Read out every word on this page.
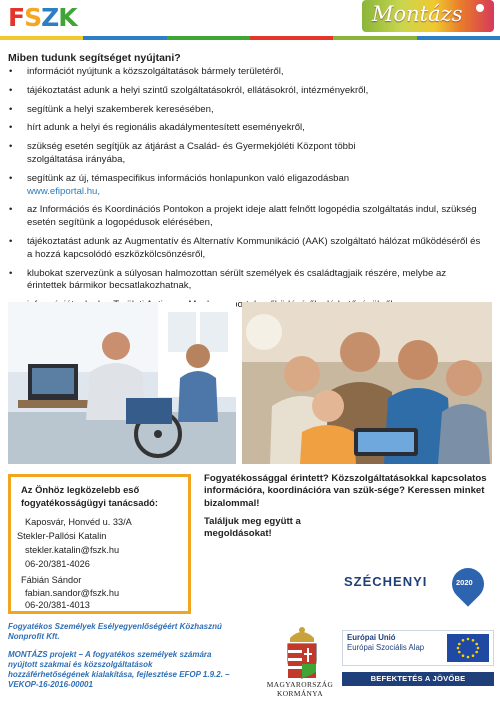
F S Z K	Montázs
Miben tudunk segítséget nyújtani?
• információt nyújtunk a közszolgáltatások bármely területéről,
• tájékoztatást adunk a helyi szintű szolgáltatásokról, ellátásokról, intézményekről,
• segítünk a helyi szakemberek keresésében,
• hírt adunk a helyi és regionális akadálymentesített eseményekről,
• szükség esetén segítjük az átjárást a Család- és Gyermekjóléti Központ többi szolgáltatása irányába,
• segítünk az új, témaspecifikus információs honlapunkon való eligazodásban
www.efiportal.hu,
• az Információs és Koordinációs Pontokon a projekt ideje alatt felnőtt logopédia szolgáltatás indul, szükség esetén segítünk a logopédusok elérésében,
• tájékoztatást adunk az Augmentatív és Alternatív Kommunikáció (AAK) szolgáltató hálózat működéséről és a hozzá kapcsolódó eszközkölcsönzésről,
• klubokat szervezünk a súlyosan halmozottan sérült személyek és családtagjaik részére, melybe az érintettek bármikor becsatlakozhatnak,
Az Önhöz legközelebb eső fogyatékosságügyi tanácsadó:
Kaposvár, Honvéd u. 33/A
Stekler-Pallósi Katalin
stekler.katalin@fszk.hu
06-20/381-4026
Fábián Sándor
fabian.sandor@fszk.hu
06-20/381-4013
Fogyatékossággal érintett? Közszolgáltatásokkal kapcsolatos információra, koordinációra van szük-sége? Keressen minket bizalommal!
Találjuk meg együtt a megoldásokat!
SZÉCHENYI	2020
Fogyatékos Személyek Esélyegyenlőségéért Közhasznú Nonprofit Kft.
MONTÁZS projekt – A fogyatékos személyek számára nyújtott szakmai és közszolgáltatások hozzáférhetőségének kialakítása, fejlesztése EFOP 1.9.2. – VEKOP-16-2016-00001	MAGYARORSZÁG KORMÁNYA
Európai Unió
Európai Szociális Alap
BEFEKTETÉS A JÖVŐBE
